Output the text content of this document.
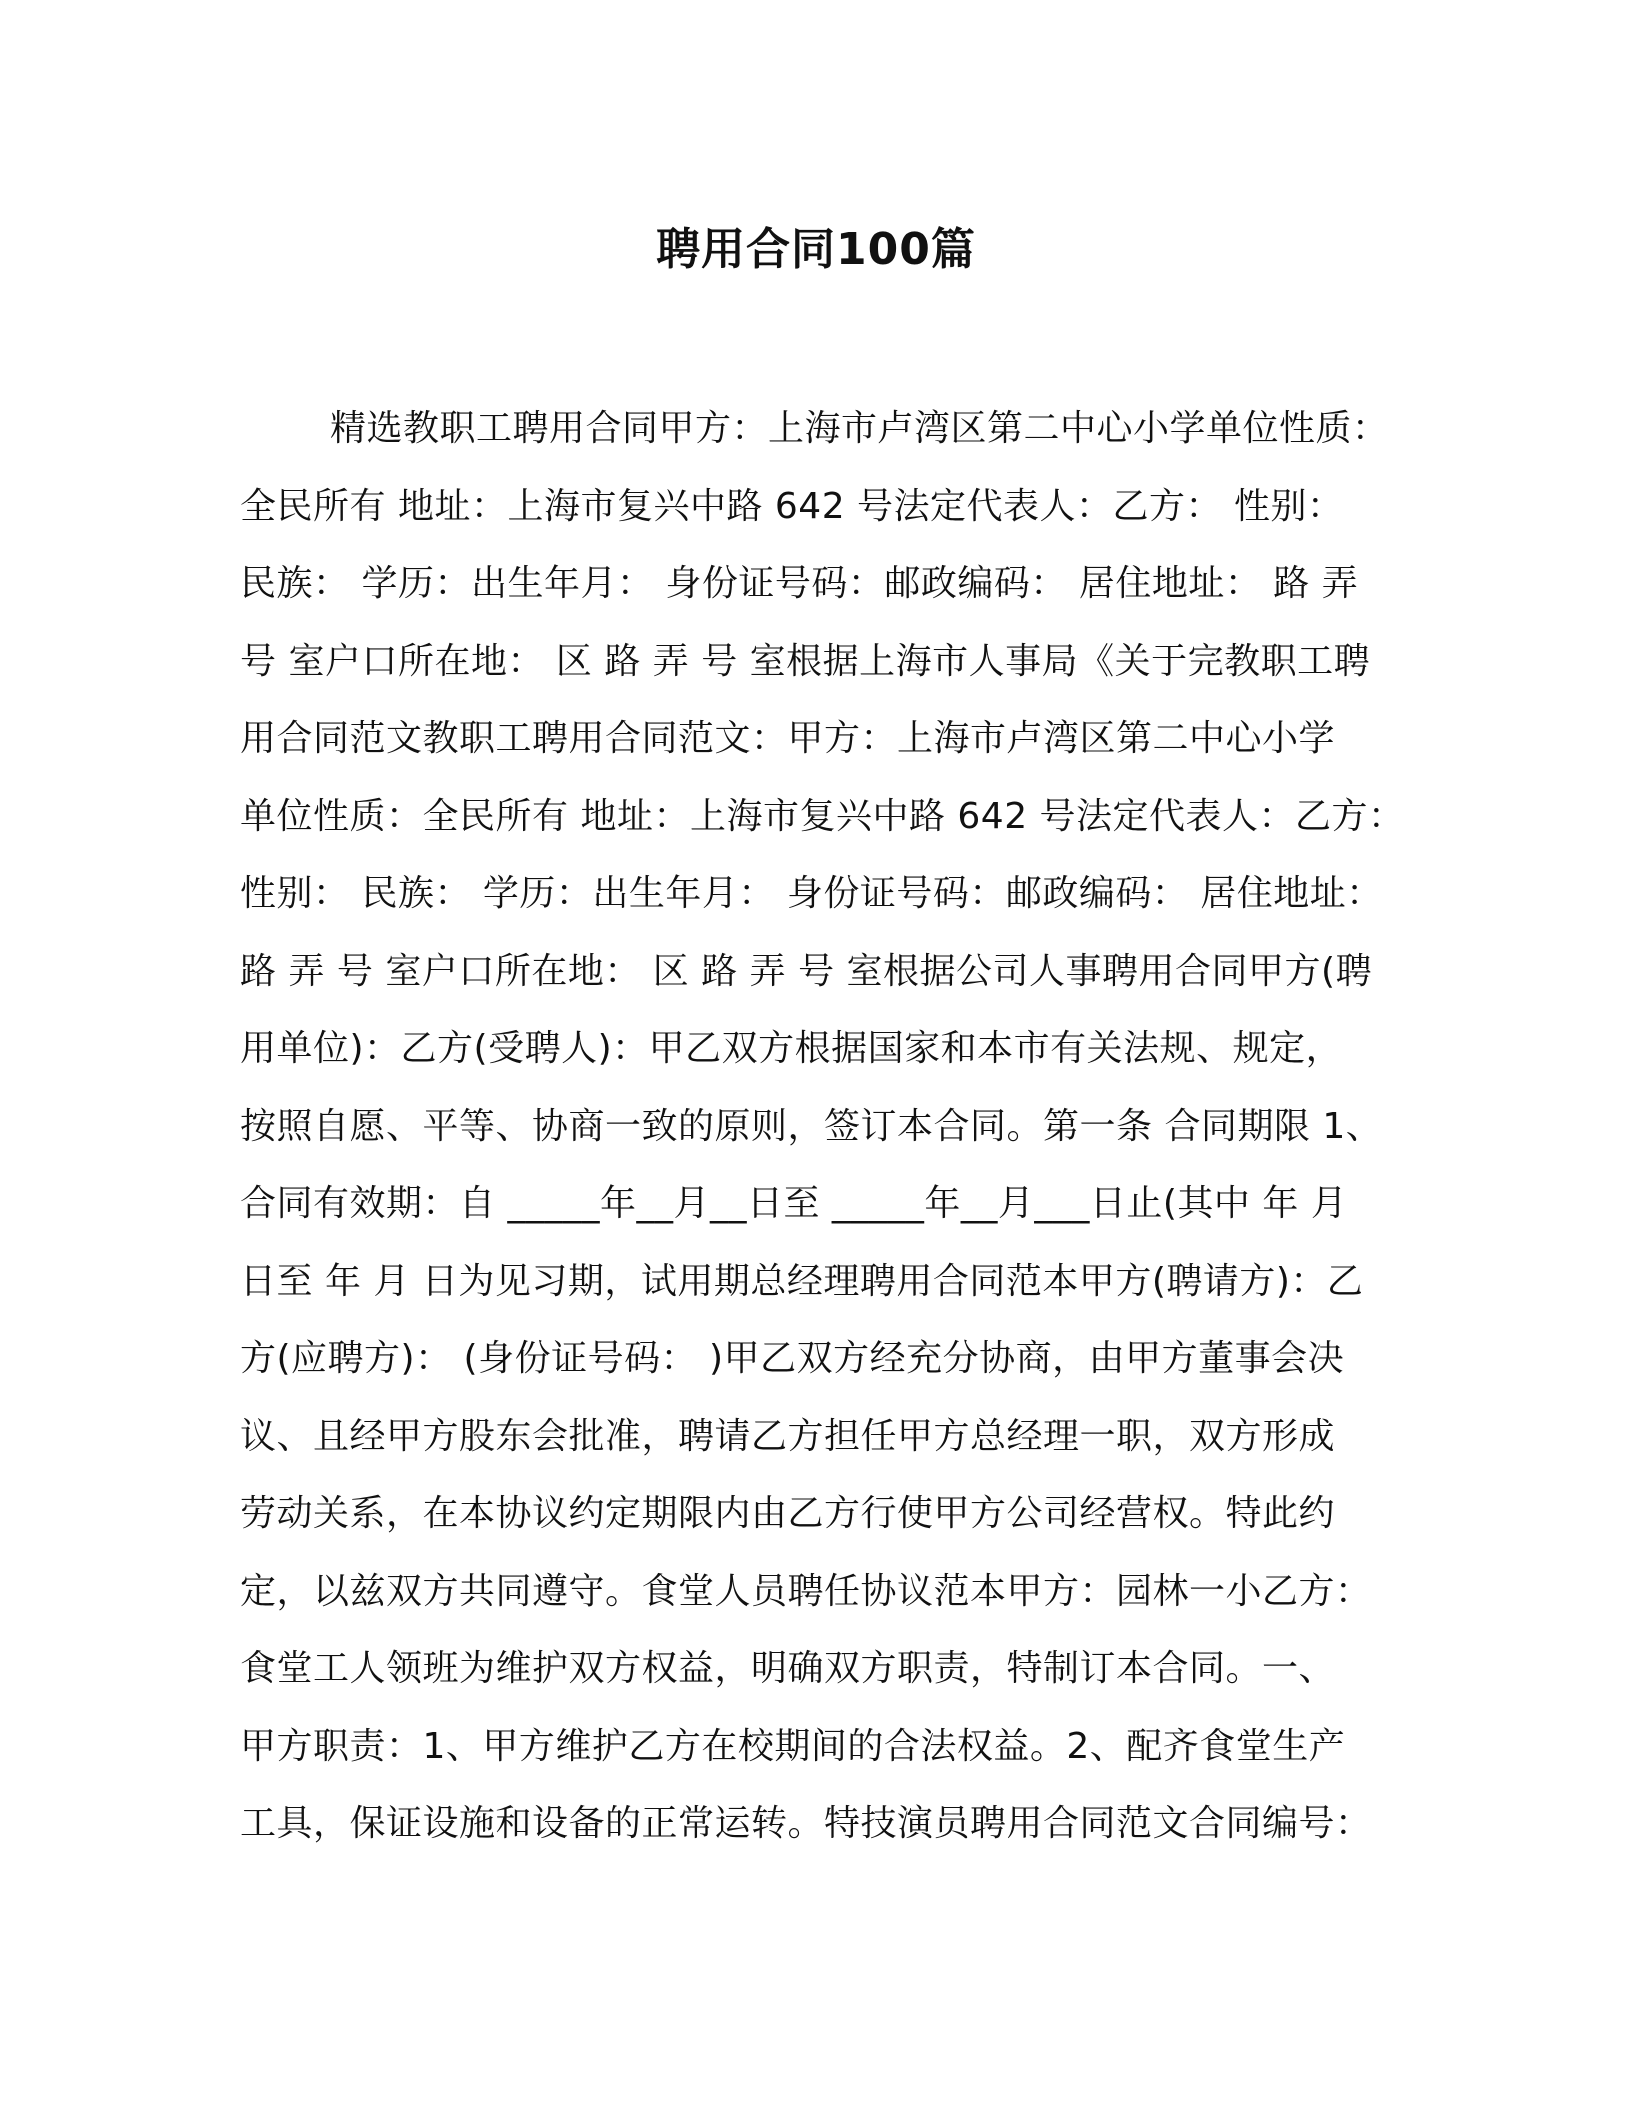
聘用合同100篇
精选教职工聘用合同甲方：上海市卢湾区第二中心小学单位性质：
全民所有 地址：上海市复兴中路 642 号法定代表人：乙方： 性别：
民族： 学历：出生年月： 身份证号码：邮政编码： 居住地址： 路 弄
号 室户口所在地： 区 路 弄 号 室根据上海市人事局《关于完教职工聘
用合同范文教职工聘用合同范文：甲方：上海市卢湾区第二中心小学
单位性质：全民所有 地址：上海市复兴中路 642 号法定代表人：乙方：
性别： 民族： 学历：出生年月： 身份证号码：邮政编码： 居住地址：
路 弄 号 室户口所在地： 区 路 弄 号 室根据公司人事聘用合同甲方(聘
用单位)：乙方(受聘人)：甲乙双方根据国家和本市有关法规、规定，
按照自愿、平等、协商一致的原则，签订本合同。第一条 合同期限 1、
合同有效期：自 _____年__月__日至 _____年__月___日止(其中 年 月
日至 年 月 日为见习期，试用期总经理聘用合同范本甲方(聘请方)：乙
方(应聘方)： (身份证号码： )甲乙双方经充分协商，由甲方董事会决
议、且经甲方股东会批准，聘请乙方担任甲方总经理一职，双方形成
劳动关系，在本协议约定期限内由乙方行使甲方公司经营权。特此约
定，以兹双方共同遵守。食堂人员聘任协议范本甲方：园林一小乙方：
食堂工人领班为维护双方权益，明确双方职责，特制订本合同。一、
甲方职责：1、甲方维护乙方在校期间的合法权益。2、配齐食堂生产
工具，保证设施和设备的正常运转。特技演员聘用合同范文合同编号：
